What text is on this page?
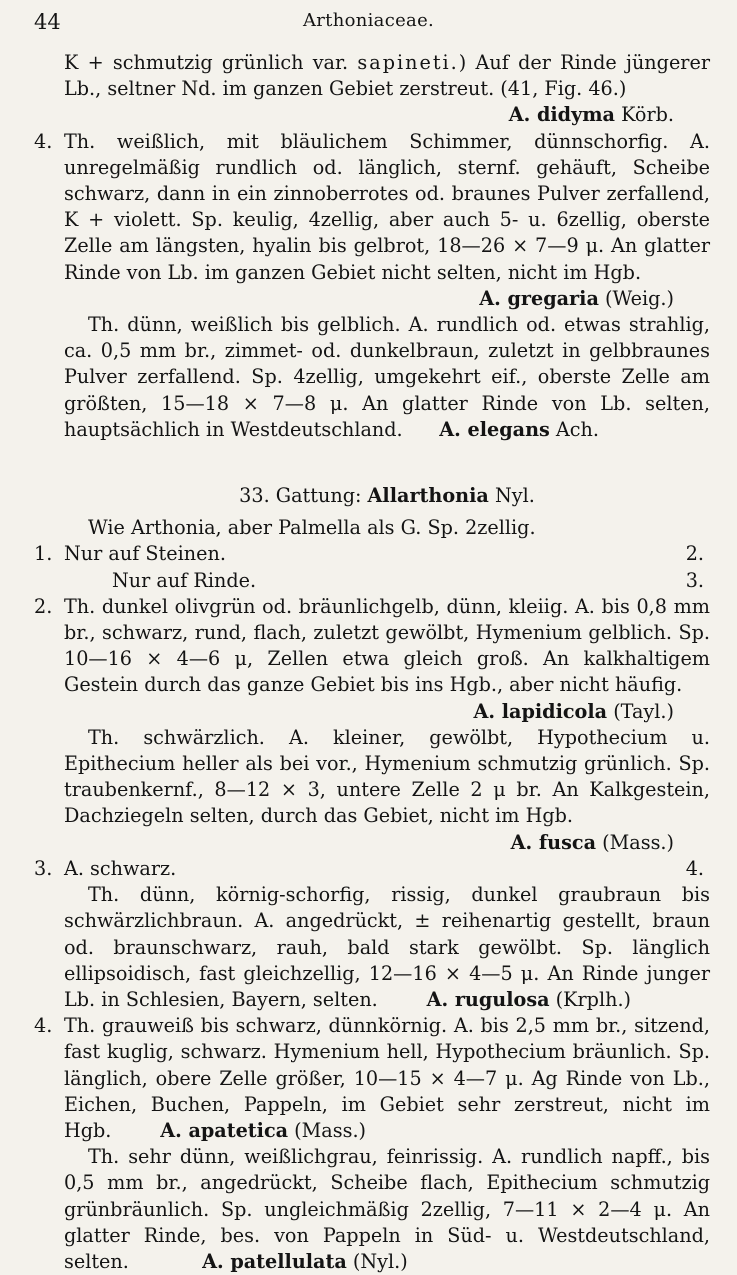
44	Arthoniaceae.

K + schmutzig grünlich var. sapineti.) Auf der Rinde jüngerer Lb., seltner Nd. im ganzen Gebiet zerstreut. (41, Fig. 46.)

A. didyma Körb.

4. Th. weißlich, mit bläulichem Schimmer, dünnschorfig. A. unregelmäßig rundlich od. länglich, sternf. gehäuft, Scheibe schwarz, dann in ein zinnoberrotes od. braunes Pulver zerfallend, K + violett. Sp. keulig, 4zellig, aber auch 5- u. 6zellig, oberste Zelle am längsten, hyalin bis gelbrot, 18—26 × 7—9 μ. An glatter Rinde von Lb. im ganzen Gebiet nicht selten, nicht im Hgb.

A. gregaria (Weig.)

Th. dünn, weißlich bis gelblich. A. rundlich od. etwas strahlig, ca. 0,5 mm br., zimmet- od. dunkelbraun, zuletzt in gelbbraunes Pulver zerfallend. Sp. 4zellig, umgekehrt eif., oberste Zelle am größten, 15—18 × 7—8 μ. An glatter Rinde von Lb. selten, hauptsächlich in Westdeutschland. A. elegans Ach.

33. Gattung: Allarthonia Nyl.

Wie Arthonia, aber Palmella als G. Sp. 2zellig.

1. Nur auf Steinen.	2.
Nur auf Rinde.	3.
2. Th. dunkel olivgrün od. bräunlichgelb, dünn, kleiig. A. bis 0,8 mm br., schwarz, rund, flach, zuletzt gewölbt, Hymenium gelblich. Sp. 10—16 × 4—6 μ, Zellen etwa gleich groß. An kalkhaltigem Gestein durch das ganze Gebiet bis ins Hgb., aber nicht häufig.

A. lapidicola (Tayl.)

Th. schwärzlich. A. kleiner, gewölbt, Hypothecium u. Epithecium heller als bei vor., Hymenium schmutzig grünlich. Sp. traubenkernf., 8—12 × 3, untere Zelle 2 μ br. An Kalkgestein, Dachziegeln selten, durch das Gebiet, nicht im Hgb.

A. fusca (Mass.)

3. A. schwarz.	4.

Th. dünn, körnig-schorfig, rissig, dunkel graubraun bis schwärzlichbraun. A. angedrückt, ± reihenartig gestellt, braun od. braunschwarz, rauh, bald stark gewölbt. Sp. länglich ellipsoidisch, fast gleichzellig, 12—16 × 4—5 μ. An Rinde junger Lb. in Schlesien, Bayern, selten.	A. rugulosa (Krplh.)

4. Th. grauweiß bis schwarz, dünnkörnig. A. bis 2,5 mm br., sitzend, fast kuglig, schwarz. Hymenium hell, Hypothecium bräunlich. Sp. länglich, obere Zelle größer, 10—15 × 4—7 μ. Ag Rinde von Lb., Eichen, Buchen, Pappeln, im Gebiet sehr zerstreut, nicht im Hgb.	A. apatetica (Mass.)

Th. sehr dünn, weißlichgrau, feinrissig. A. rundlich napff., bis 0,5 mm br., angedrückt, Scheibe flach, Epithecium schmutzig grünbräunlich. Sp. ungleichmäßig 2zellig, 7—11 × 2—4 μ. An glatter Rinde, bes. von Pappeln in Süd- u. Westdeutschland, selten.	A. patellulata (Nyl.)
